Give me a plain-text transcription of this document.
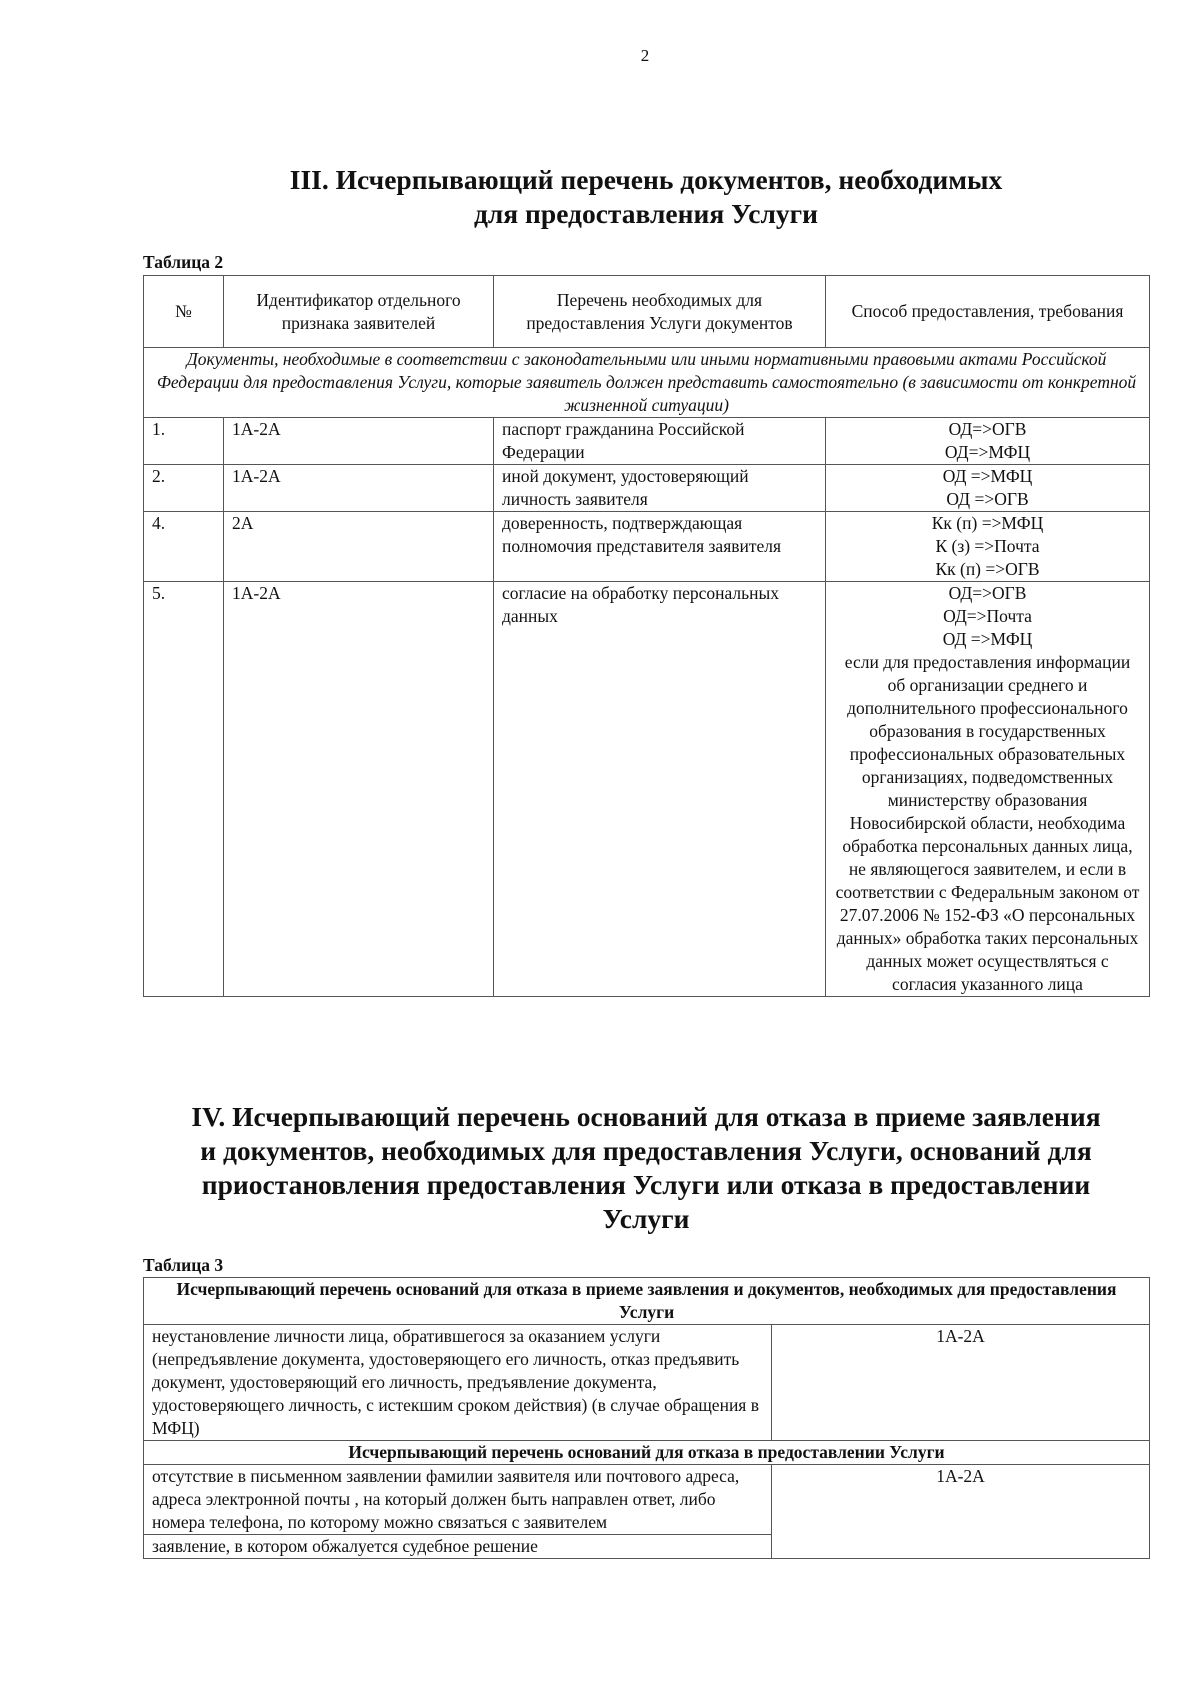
2
III. Исчерпывающий перечень документов, необходимых
для предоставления Услуги
Таблица 2
№	Идентификатор отдельного признака заявителей	Перечень необходимых для предоставления Услуги документов	Способ предоставления, требования
Документы, необходимые в соответствии с законодательными или иными нормативными правовыми актами Российской Федерации для предоставления Услуги, которые заявитель должен представить самостоятельно (в зависимости от конкретной жизненной ситуации)			
1.	1А-2А	паспорт гражданина Российской Федерации	ОД=>ОГВ
ОД=>МФЦ

2.	1А-2А	иной документ, удостоверяющий личность заявителя	ОД =>МФЦ
ОД =>ОГВ

4.	2А	доверенность, подтверждающая полномочия представителя заявителя	Кк (п) =>МФЦ
К (з) =>Почта
Кк (п) =>ОГВ

5.	1А-2А	согласие на обработку персональных данных	ОД=>ОГВ
ОД=>Почта
ОД =>МФЦ
если для предоставления информации об организации среднего и дополнительного профессионального образования в государственных профессиональных образовательных организациях, подведомственных министерству образования Новосибирской области, необходима обработка персональных данных лица, не являющегося заявителем, и если в соответствии с Федеральным законом от 27.07.2006 № 152-ФЗ «О персональных данных» обработка таких персональных данных может осуществляться с согласия указанного лица
IV. Исчерпывающий перечень оснований для отказа в приеме заявления
и документов, необходимых для предоставления Услуги, оснований для
приостановления предоставления Услуги или отказа в предоставлении
Услуги
Таблица 3
Исчерпывающий перечень оснований для отказа в приеме заявления и документов, необходимых для предоставления Услуги	
неустановление личности лица, обратившегося за оказанием услуги (непредъявление документа, удостоверяющего его личность, отказ предъявить документ, удостоверяющий его личность, предъявление документа, удостоверяющего личность, с истекшим сроком действия) (в случае обращения в МФЦ)	1А-2А
Исчерпывающий перечень оснований для отказа в предоставлении Услуги	
отсутствие в письменном заявлении фамилии заявителя или почтового адреса, адреса электронной почты , на который должен быть направлен ответ, либо номера телефона, по которому можно связаться с заявителем	1А-2А
заявление, в котором обжалуется судебное решение	
